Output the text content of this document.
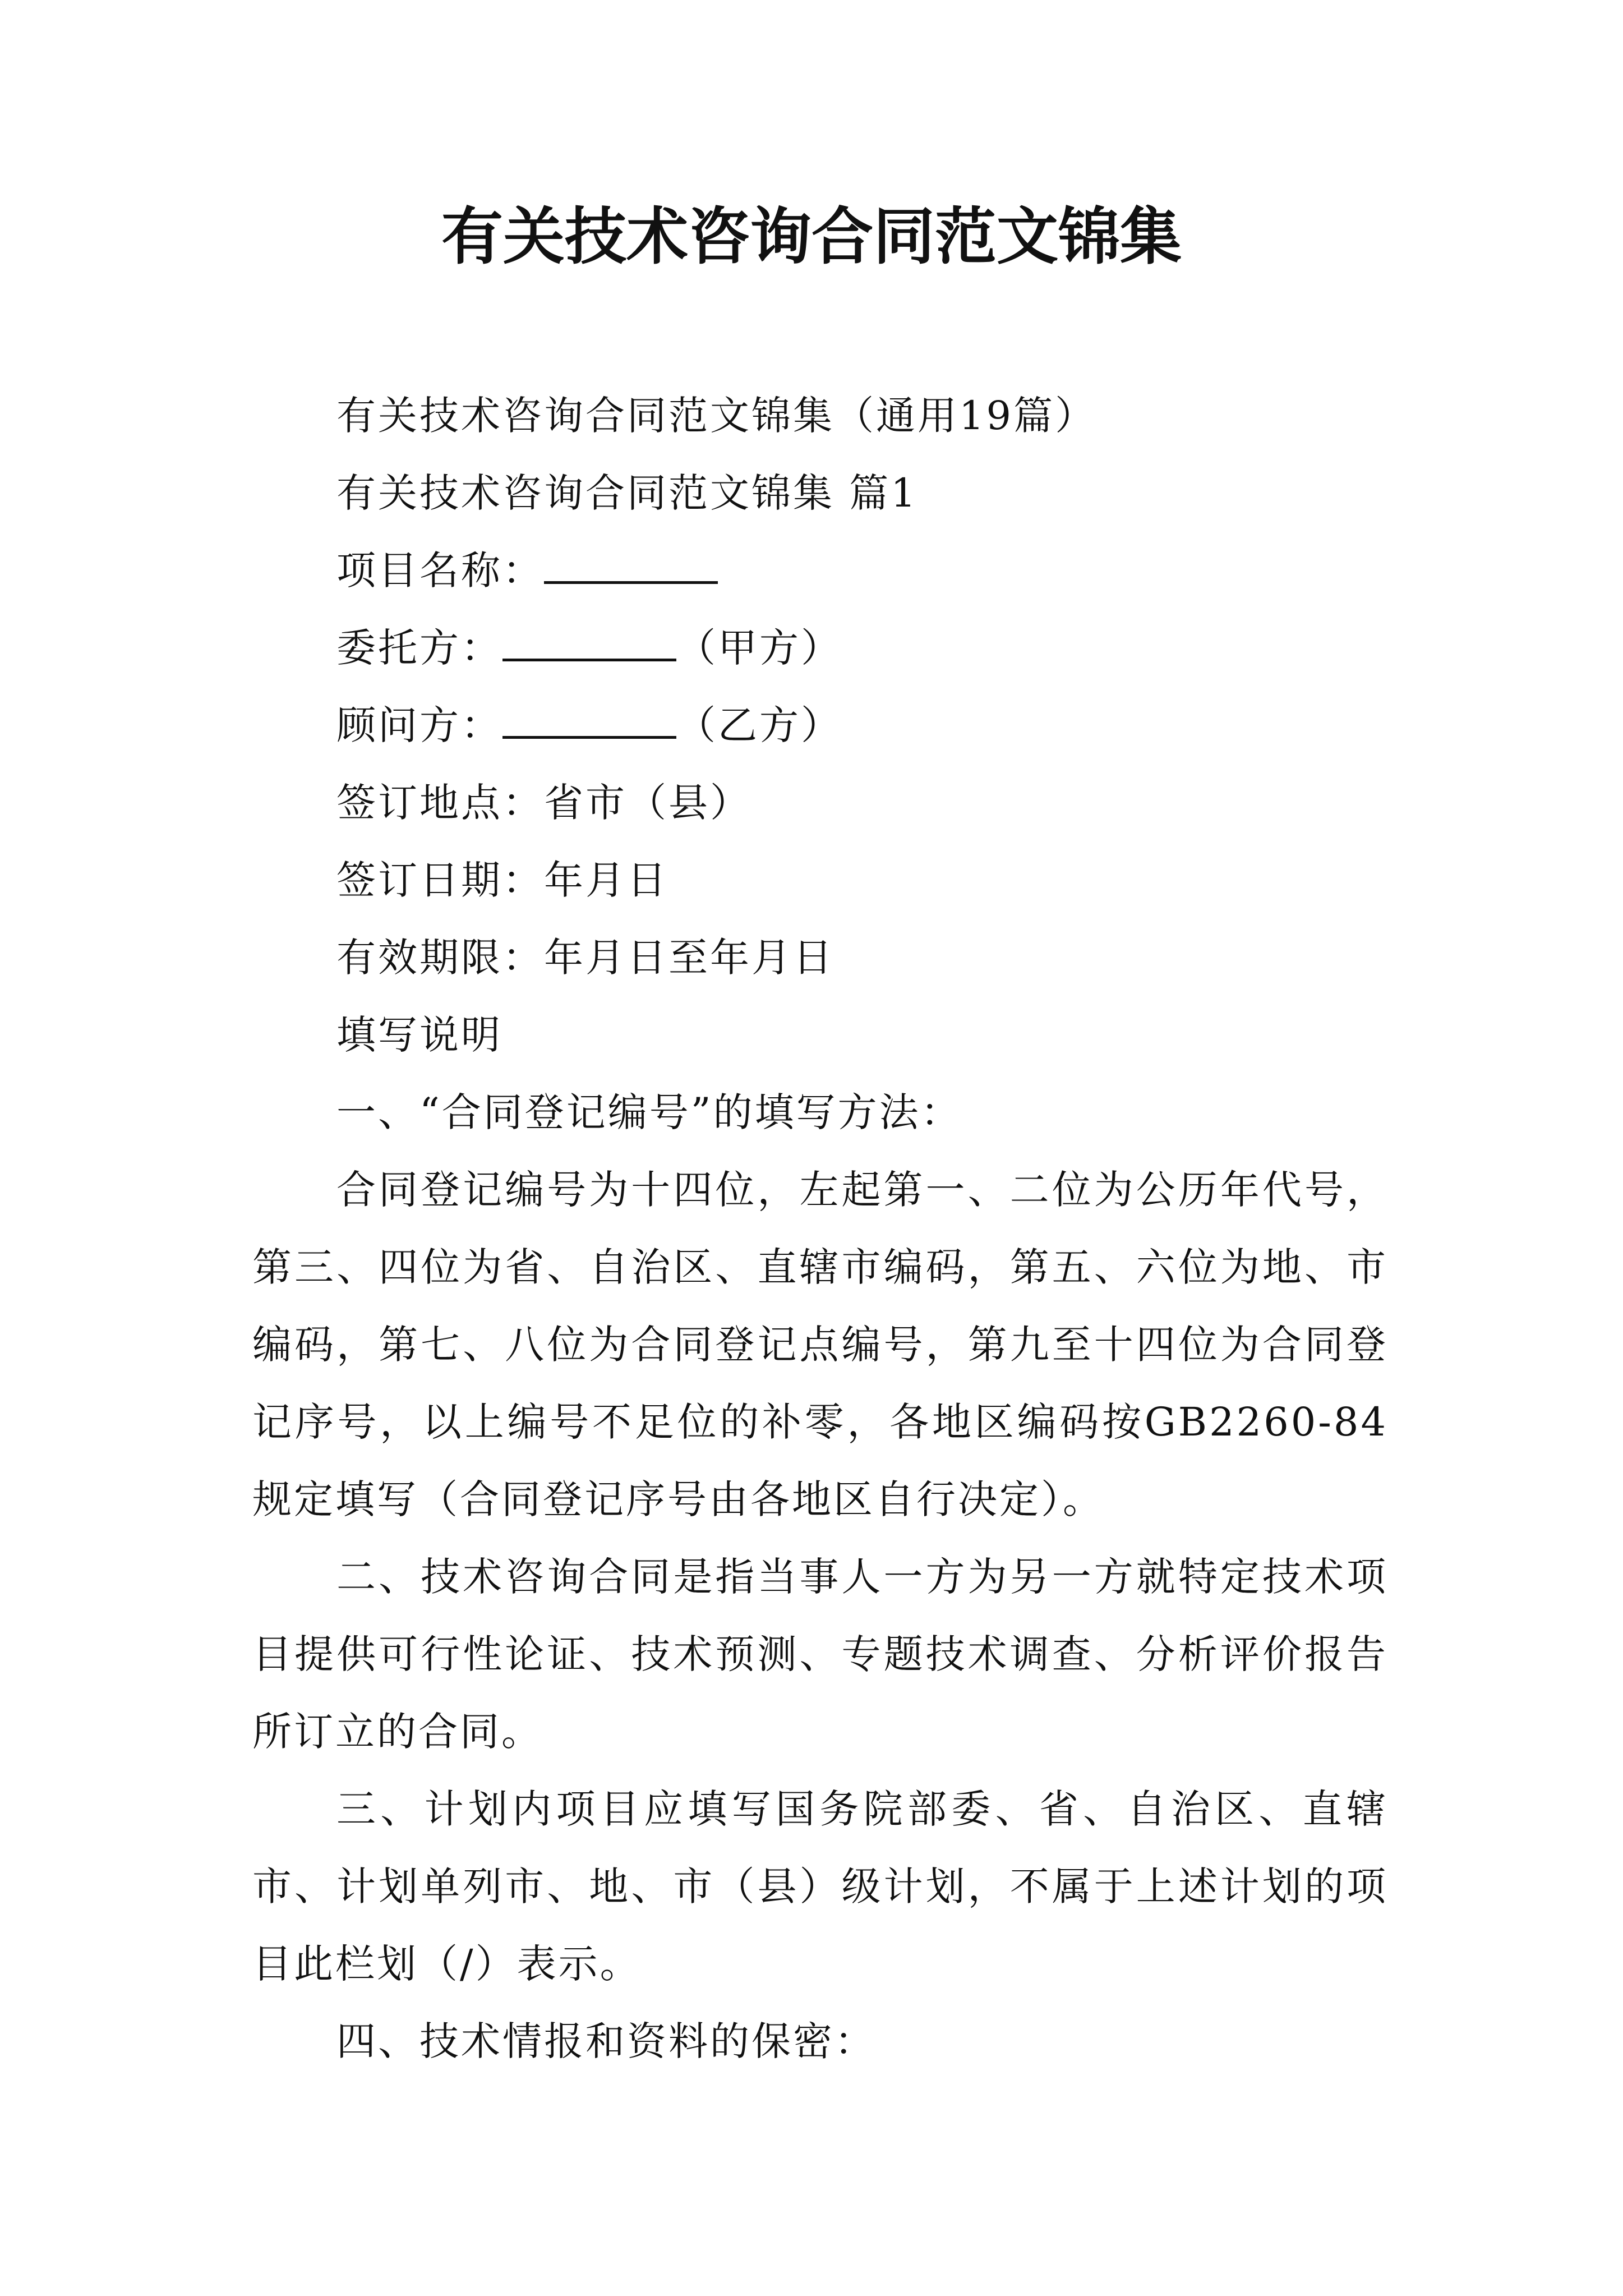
有关技术咨询合同范文锦集

有关技术咨询合同范文锦集（通用19篇）

有关技术咨询合同范文锦集 篇1

项目名称：

委托方：	（甲方）

顾问方：	（乙方）

签订地点：省市（县）

签订日期：年月日

有效期限：年月日至年月日

填写说明

一、“合同登记编号”的填写方法：

合同登记编号为十四位，左起第一、二位为公历年代号，第三、四位为省、自治区、直辖市编码，第五、六位为地、市编码，第七、八位为合同登记点编号，第九至十四位为合同登记序号，以上编号不足位的补零，各地区编码按GB2260-84规定填写（合同登记序号由各地区自行决定）。

二、技术咨询合同是指当事人一方为另一方就特定技术项目提供可行性论证、技术预测、专题技术调查、分析评价报告所订立的合同。

三、计划内项目应填写国务院部委、省、自治区、直辖市、计划单列市、地、市（县）级计划，不属于上述计划的项目此栏划（/）表示。

四、技术情报和资料的保密：
